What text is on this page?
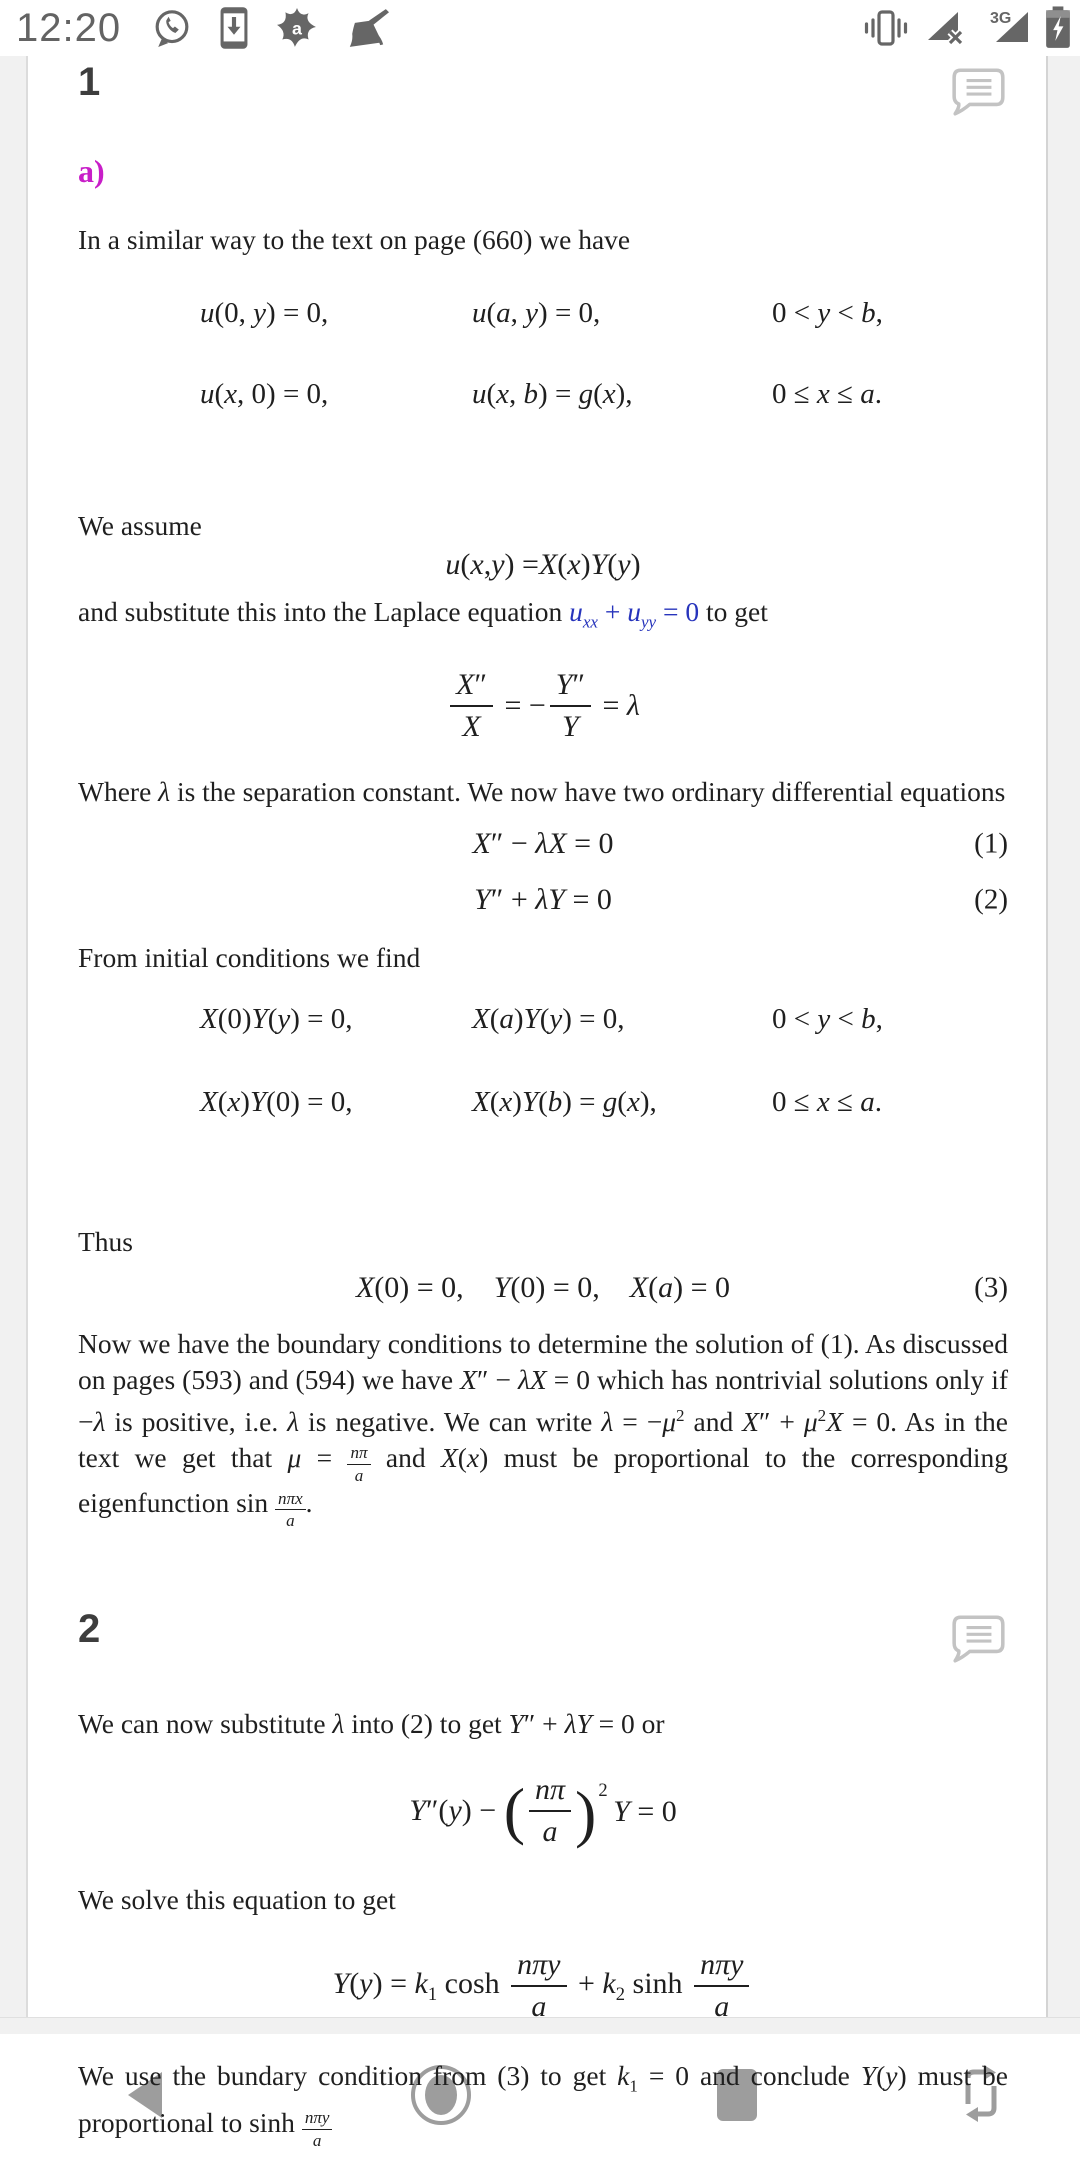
12:20	a	3G
1
a)

In a similar way to the text on page (660) we have

u(0, y) = 0,	u(a, y) = 0,	0 < y < b,
u(x, 0) = 0,	u(x, b) = g(x),	0 ≤ x ≤ a.

We assume

u ( x , y ) = X ( x ) Y ( y )

and substitute this into the Laplace equation $u_{xx} + u_{yy} = 0$ to get

$\frac{X''}{X}$ = − $\frac{Y''}{Y} = \lambda$

Where λ is the separation constant. We now have two ordinary differential equations

X″ − λX = 0	(1)
Y″ + λY = 0	(2)

From initial conditions we find

X(0)Y(y) = 0,	X(a)Y(y) = 0,	0 < y < b,
X(x)Y(0) = 0,	X(x)Y(b) = g(x),	0 ≤ x ≤ a.

Thus

X(0) = 0, Y(0) = 0, X(a) = 0	(3)

Now we have the boundary conditions to determine the solution of (1). As discussed on pages (593) and (594) we have X″ − λX = 0 which has nontrivial solutions only if −λ is positive, i.e. λ is negative. We can write $\lambda = -\mu^2$ and $X'' + \mu^2X = 0$. As in the text we get that $\mu = \frac{n\pi}{a}$ and X(x) must be proportional to the corresponding eigenfunction sin nπx
a
.

2

We can now substitute λ into (2) to get Y″ + λY = 0 or

Y″(y) − ( $\frac{n\pi}{a}$ ) $^2$ Y = 0

We solve this equation to get

$Y(y) = k_1$ $\cosh \frac{\text{nπy}}{a} + k_2$ $\sinh \frac{\text{nπy}}{a}$

We use the bundary condition from (3) to get $k_1 = 0$ and conclude Y(y) must be proportional to sinh nπy
a
